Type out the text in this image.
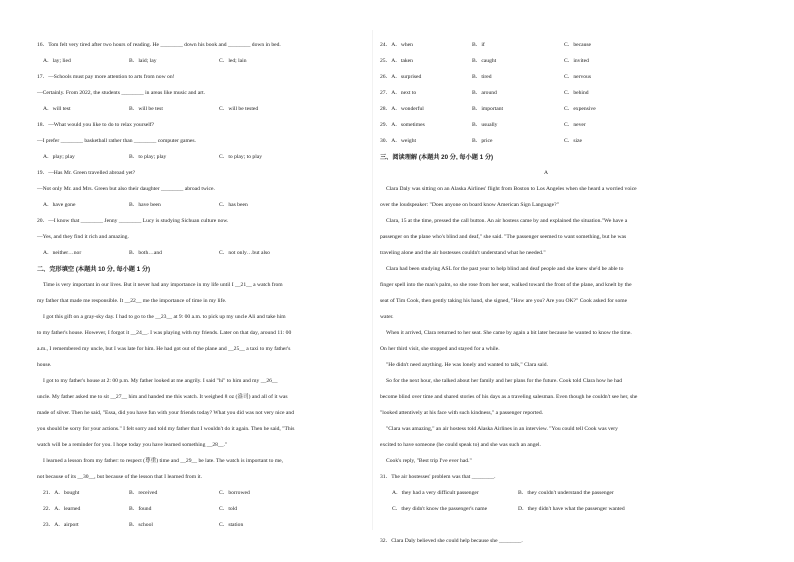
16．Tom felt very tired after two hours of reading. He ________ down his book and ________ down in bed.
17．—Schools must pay more attention to arts from now on!
—Certainly. From 2022, the students ________ in areas like music and art.
18．—What would you like to do to relax yourself?
—I prefer ________ basketball rather than ________ computer games.
19．—Has Mr. Green travelled abroad yet?
—Not only Mr. and Mrs. Green but also their daughter ________ abroad twice.
20．—I know that ________ Jenny ________ Lucy is studying Sichuan culture now.
—Yes, and they find it rich and amazing.
Time is very important in our lives. But it never had any importance in my life until I __21__ a watch from
my father that made me responsible. It __22__ me the importance of time in my life.
I got this gift on a gray-sky day. I had to go to the __23__ at 9: 00 a.m. to pick up my uncle Ali and take him
to my father's house. However, I forgot it __24__. I was playing with my friends. Later on that day, around 11: 00
a.m., I remembered my uncle, but I was late for him. He had got out of the plane and __25__ a taxi to my father's
house.
I got to my father's house at 2: 00 p.m. My father looked at me angrily. I said "hi" to him and my __26__
uncle. My father asked me to sit __27__ him and handed me this watch. It weighed 8 oz (盎司) and all of it was
made of silver. Then he said, "Essa, did you have fun with your friends today? What you did was not very nice and
you should be sorry for your actions." I felt sorry and told my father that I wouldn't do it again. Then he said, "This
watch will be a reminder for you. I hope today you have learned something __28__."
I learned a lesson from my father: to respect (尊重) time and __29__ be late. The watch is important to me,
not because of its __30__, but because of the lesson that I learned from it.
二、完形填空 (本题共 10 分, 每小题 1 分)
A．lay; lied	B．laid; lay	C．led; lain
A．will test	B．will be test	C．will be tested
A．play; play	B．to play; play	C．to play; to play
A．have gone	B．have been	C．has been
A．neither…nor	B．both…and	C．not only…but also
21．A．bought	B．received	C．borrowed
22．A．learned	B．found	C．told
23．A．airport	B．school	C．station
24．A．when	B．if	C．because
25．A．taken	B．caught	C．invited
26．A．surprised	B．tired	C．nervous
27．A．next to	B．around	C．behind
28．A．wonderful	B．important	C．expensive
29．A．sometimes	B．usually	C．never
30．A．weight	B．price	C．size
三、阅读理解 (本题共 20 分, 每小题 1 分)
A
Clara Daly was sitting on an Alaska Airlines' flight from Boston to Los Angeles when she heard a worried voice
over the loudspeaker: "Does anyone on board know American Sign Language?"
Clara, 15 at the time, pressed the call button. An air hostess came by and explained the situation."We have a
passenger on the plane who's blind and deaf," she said. "The passenger seemed to want something, but he was
traveling alone and the air hostesses couldn't understand what he needed."
Clara had been studying ASL for the past year to help blind and deaf people and she knew she'd be able to
finger spell into the man's palm, so she rose from her seat, walked toward the front of the plane, and knelt by the
seat of Tim Cook, then gently taking his hand, she signed, "How are you? Are you OK?" Cook asked for some
water.
When it arrived, Clara returned to her seat. She came by again a bit later because he wanted to know the time.
On her third visit, she stopped and stayed for a while.
"He didn't need anything. He was lonely and wanted to talk," Clara said.
So for the next hour, she talked about her family and her plans for the future. Cook told Clara how he had
become blind over time and shared stories of his days as a traveling salesman. Even though he couldn't see her, she
"looked attentively at his face with such kindness," a passenger reported.
"Clara was amazing," an air hostess told Alaska Airlines in an interview. "You could tell Cook was very
excited to have someone (he could speak to) and she was such an angel.
Cook's reply, "Best trip I've ever had."
31．The air hostesses' problem was that ________.
32．Clara Daly believed she could help because she ________.
A．they had a very difficult passenger	B．they couldn't understand the passenger
C．they didn't know the passenger's name	D．they didn't have what the passenger wanted
